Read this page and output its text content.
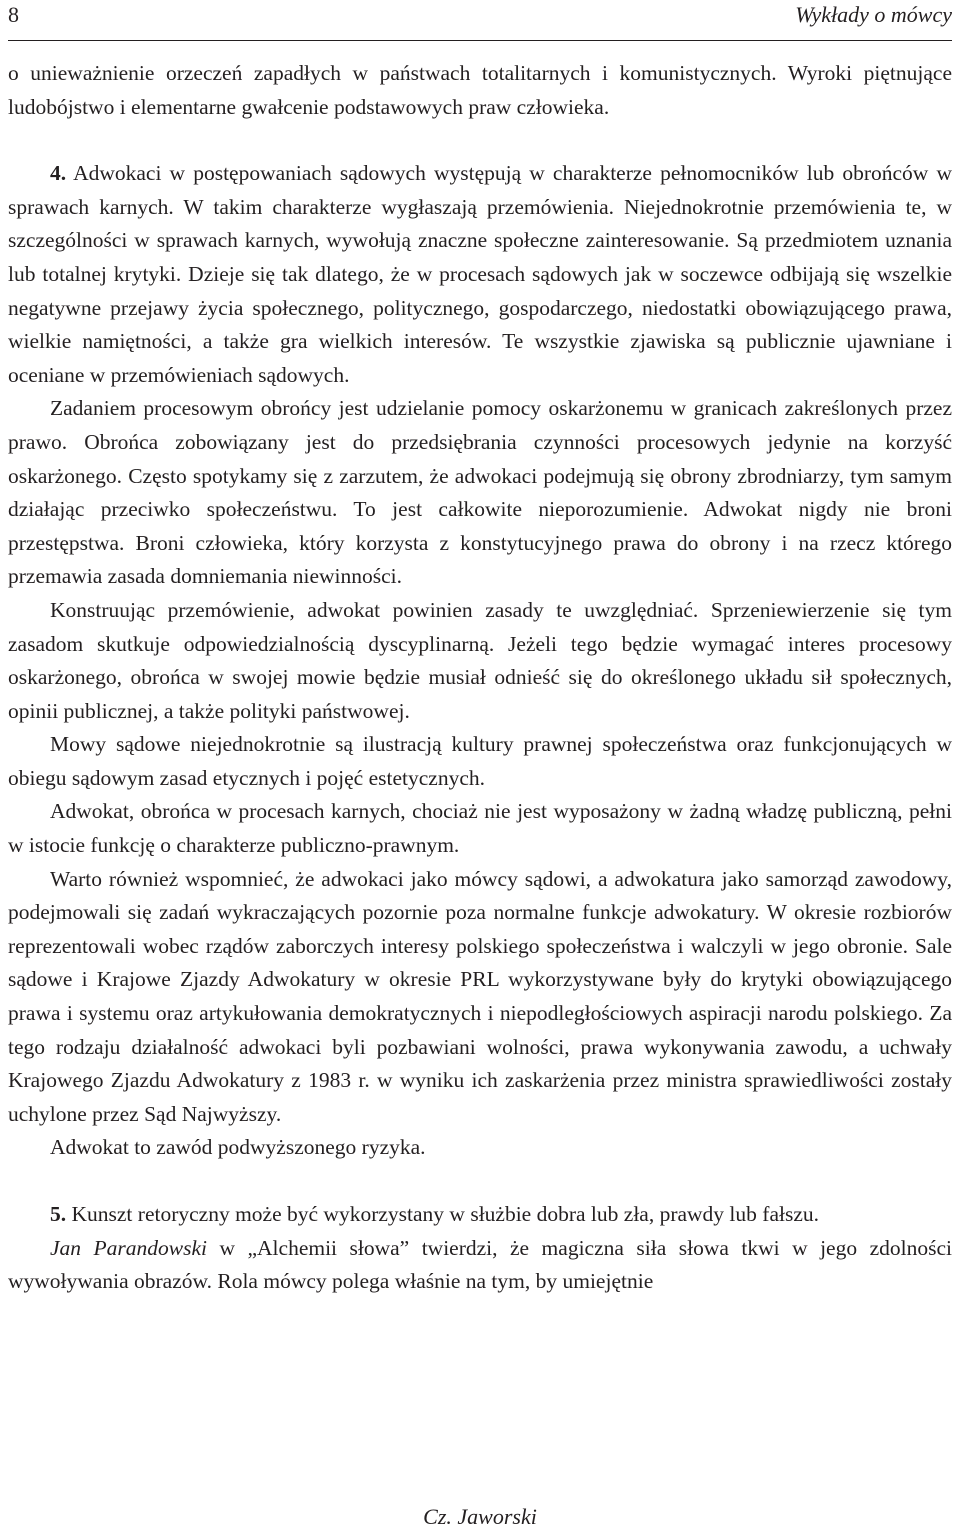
8	Wykłady o mówcy

o unieważnienie orzeczeń zapadłych w państwach totalitarnych i komunistycznych. Wyroki piętnujące ludobójstwo i elementarne gwałcenie podstawowych praw człowieka.

4. Adwokaci w postępowaniach sądowych występują w charakterze pełnomocników lub obrońców w sprawach karnych. W takim charakterze wygłaszają przemówienia. Niejednokrotnie przemówienia te, w szczególności w sprawach karnych, wywołują znaczne społeczne zainteresowanie. Są przedmiotem uznania lub totalnej krytyki. Dzieje się tak dlatego, że w procesach sądowych jak w soczewce odbijają się wszelkie negatywne przejawy życia społecznego, politycznego, gospodarczego, niedostatki obowiązującego prawa, wielkie namiętności, a także gra wielkich interesów. Te wszystkie zjawiska są publicznie ujawniane i oceniane w przemówieniach sądowych.

Zadaniem procesowym obrońcy jest udzielanie pomocy oskarżonemu w granicach zakreślonych przez prawo. Obrońca zobowiązany jest do przedsiębrania czynności procesowych jedynie na korzyść oskarżonego. Często spotykamy się z zarzutem, że adwokaci podejmują się obrony zbrodniarzy, tym samym działając przeciwko społeczeństwu. To jest całkowite nieporozumienie. Adwokat nigdy nie broni przestępstwa. Broni człowieka, który korzysta z konstytucyjnego prawa do obrony i na rzecz którego przemawia zasada domniemania niewinności.

Konstruując przemówienie, adwokat powinien zasady te uwzględniać. Sprzeniewierzenie się tym zasadom skutkuje odpowiedzialnością dyscyplinarną. Jeżeli tego będzie wymagać interes procesowy oskarżonego, obrońca w swojej mowie będzie musiał odnieść się do określonego układu sił społecznych, opinii publicznej, a także polityki państwowej.

Mowy sądowe niejednokrotnie są ilustracją kultury prawnej społeczeństwa oraz funkcjonujących w obiegu sądowym zasad etycznych i pojęć estetycznych.

Adwokat, obrońca w procesach karnych, chociaż nie jest wyposażony w żadną władzę publiczną, pełni w istocie funkcję o charakterze publiczno-prawnym.

Warto również wspomnieć, że adwokaci jako mówcy sądowi, a adwokatura jako samorząd zawodowy, podejmowali się zadań wykraczających pozornie poza normalne funkcje adwokatury. W okresie rozbiorów reprezentowali wobec rządów zaborczych interesy polskiego społeczeństwa i walczyli w jego obronie. Sale sądowe i Krajowe Zjazdy Adwokatury w okresie PRL wykorzystywane były do krytyki obowiązującego prawa i systemu oraz artykułowania demokratycznych i niepodległościowych aspiracji narodu polskiego. Za tego rodzaju działalność adwokaci byli pozbawiani wolności, prawa wykonywania zawodu, a uchwały Krajowego Zjazdu Adwokatury z 1983 r. w wyniku ich zaskarżenia przez ministra sprawiedliwości zostały uchylone przez Sąd Najwyższy.

Adwokat to zawód podwyższonego ryzyka.

5. Kunszt retoryczny może być wykorzystany w służbie dobra lub zła, prawdy lub fałszu.

Jan Parandowski w „Alchemii słowa” twierdzi, że magiczna siła słowa tkwi w jego zdolności wywoływania obrazów. Rola mówcy polega właśnie na tym, by umiejętnie

Cz. Jaworski
